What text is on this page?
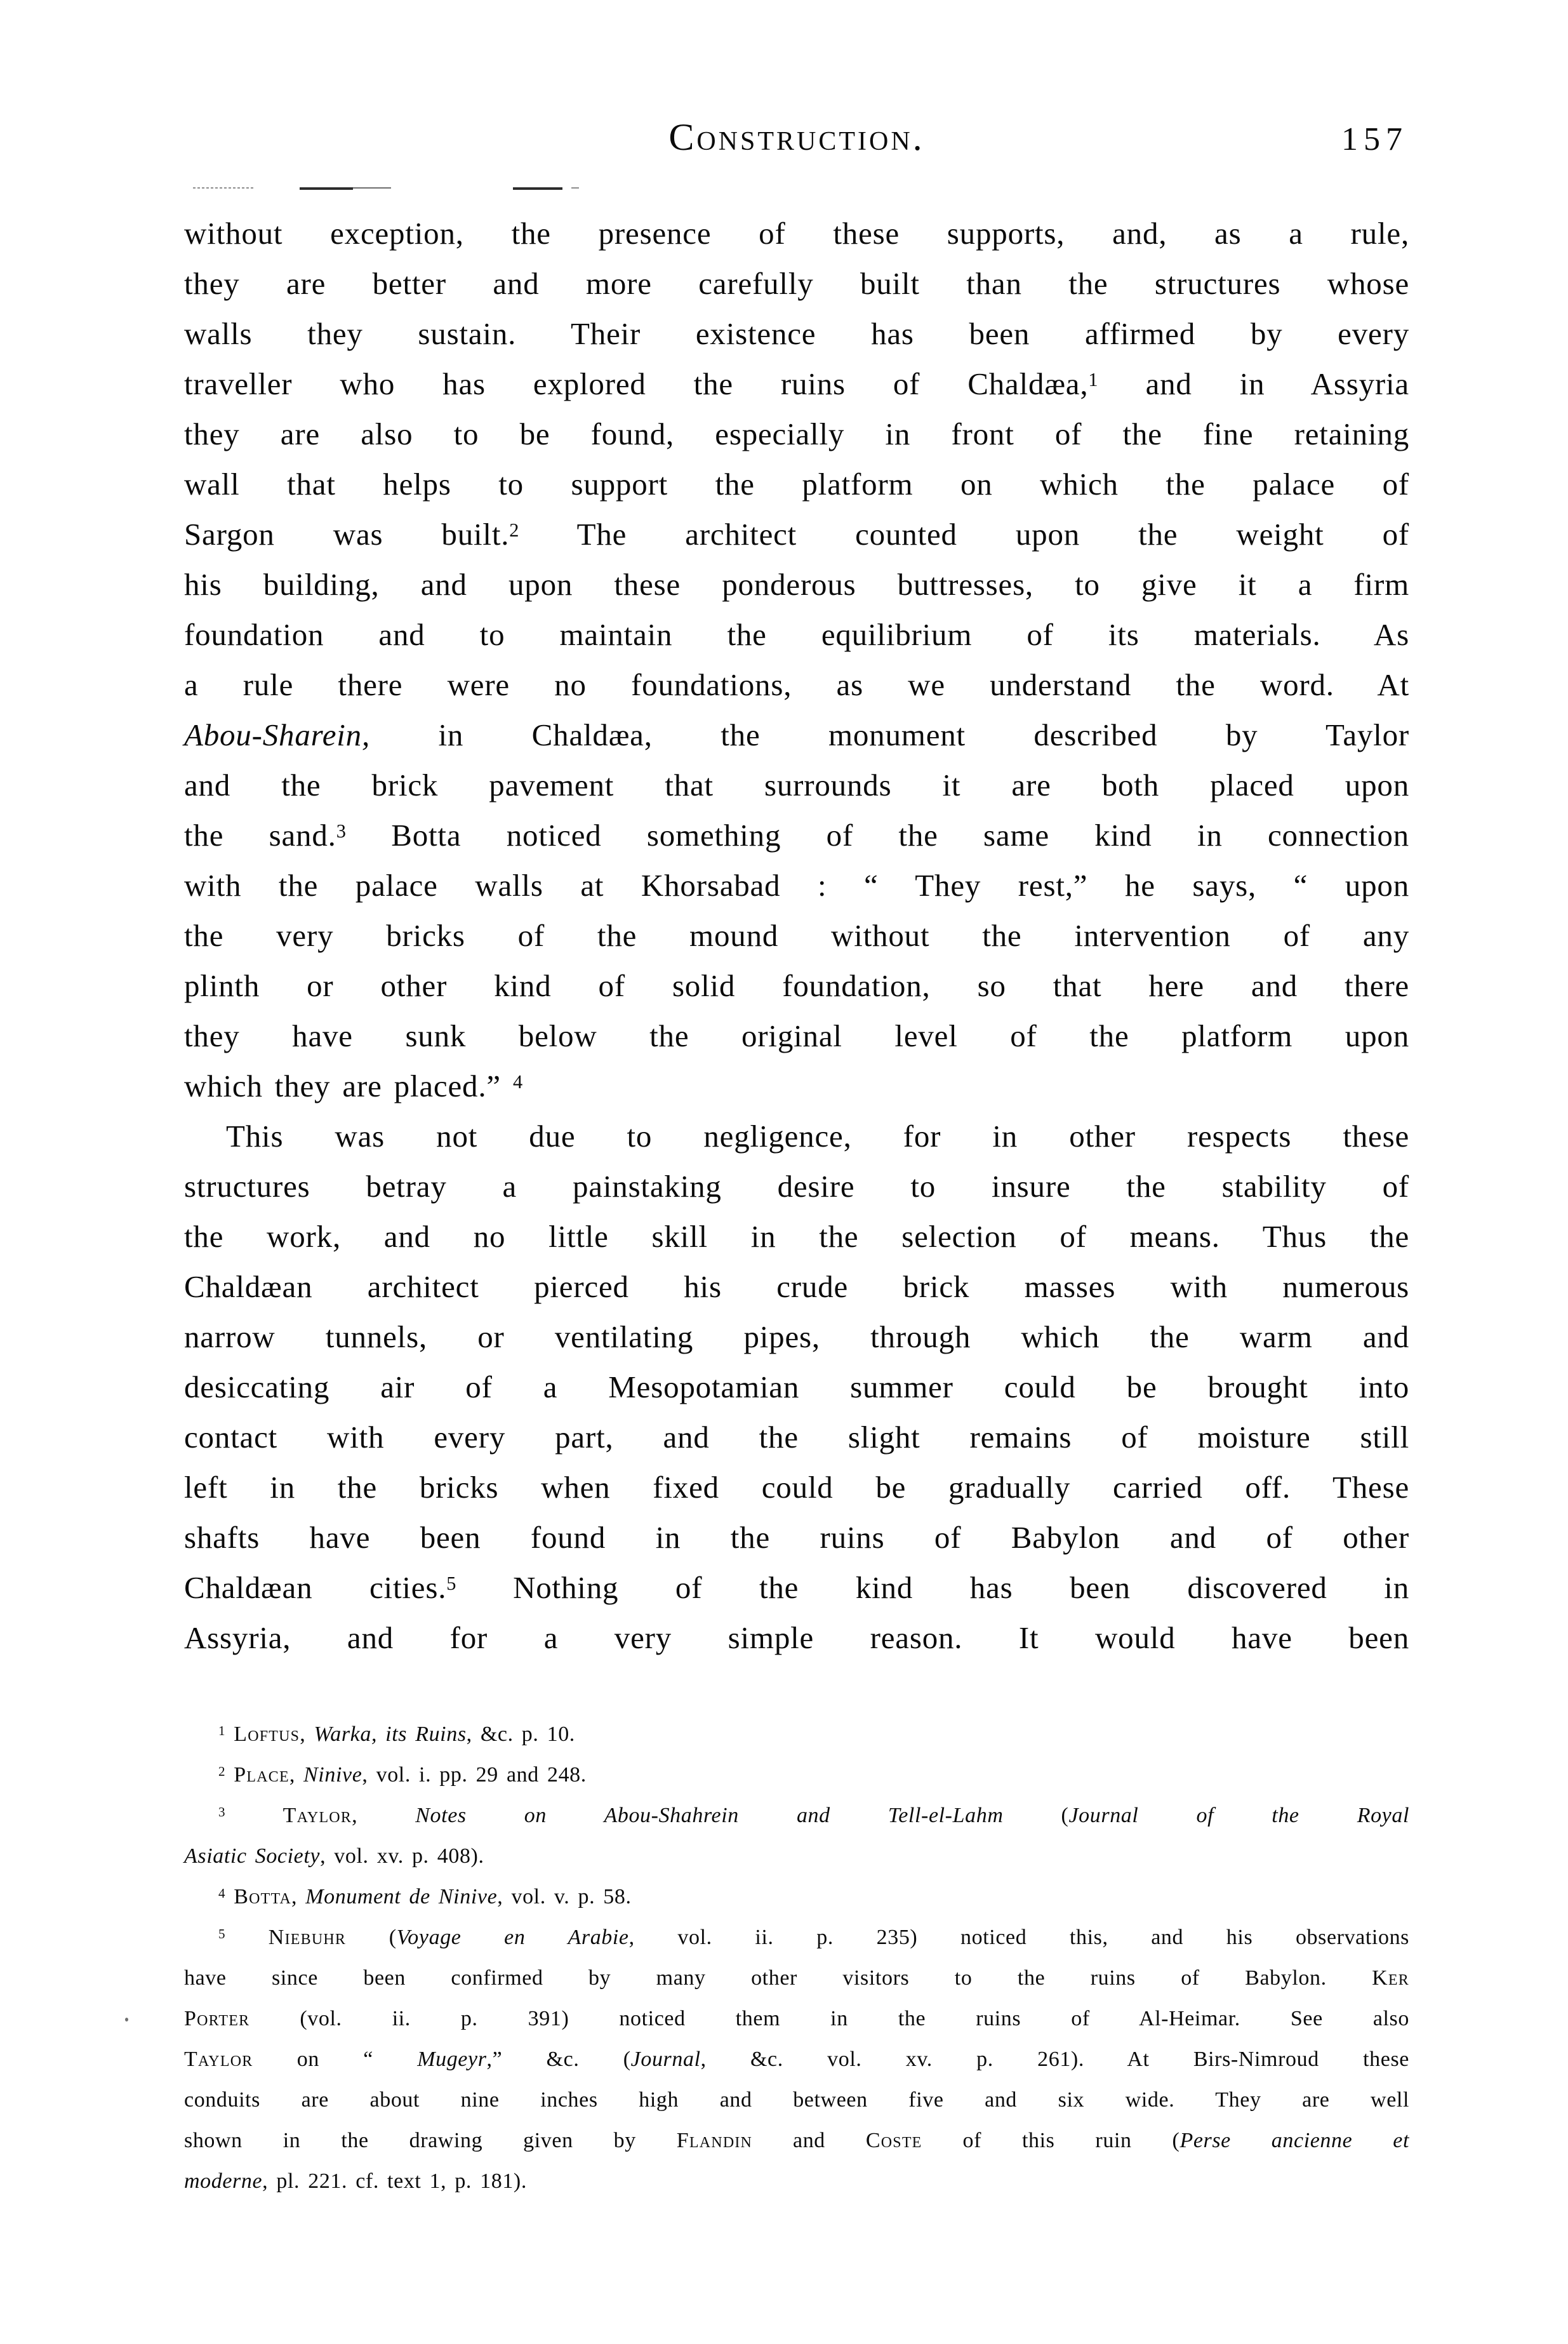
Construction.	157
without exception, the presence of these supports, and, as a rule,
they are better and more carefully built than the structures whose
walls they sustain. Their existence has been affirmed by every
traveller who has explored the ruins of Chaldæa,$^1$ and in Assyria
they are also to be found, especially in front of the fine retaining
wall that helps to support the platform on which the palace of
Sargon was built.$^2$ The architect counted upon the weight of
his building, and upon these ponderous buttresses, to give it a firm
foundation and to maintain the equilibrium of its materials. As
a rule there were no foundations, as we understand the word. At
Abou-Sharein, in Chaldæa, the monument described by Taylor
and the brick pavement that surrounds it are both placed upon
the sand.$^3$ Botta noticed something of the same kind in connection
with the palace walls at Khorsabad : “ They rest,” he says, “ upon
the very bricks of the mound without the intervention of any
plinth or other kind of solid foundation, so that here and there
they have sunk below the original level of the platform upon
which they are placed.” $^4$
This was not due to negligence, for in other respects these
structures betray a painstaking desire to insure the stability of
the work, and no little skill in the selection of means. Thus the
Chaldæan architect pierced his crude brick masses with numerous
narrow tunnels, or ventilating pipes, through which the warm and
desiccating air of a Mesopotamian summer could be brought into
contact with every part, and the slight remains of moisture still
left in the bricks when fixed could be gradually carried off. These
shafts have been found in the ruins of Babylon and of other
Chaldæan cities.$^5$ Nothing of the kind has been discovered in
Assyria, and for a very simple reason. It would have been
$^1$ Loftus, Warka, its Ruins, &c. p. 10.
$^2$ Place, Ninive, vol. i. pp. 29 and 248.
$^3$ Taylor, Notes on Abou-Shahrein and Tell-el-Lahm (Journal of the Royal
Asiatic Society, vol. xv. p. 408).
$^4$ Botta, Monument de Ninive, vol. v. p. 58.
$^5$ Niebuhr (Voyage en Arabie, vol. ii. p. 235) noticed this, and his observations
have since been confirmed by many other visitors to the ruins of Babylon. Ker
Porter (vol. ii. p. 391) noticed them in the ruins of Al-Heimar. See also
Taylor on “ Mugeyr,” &c. (Journal, &c. vol. xv. p. 261). At Birs-Nimroud these
conduits are about nine inches high and between five and six wide. They are well
shown in the drawing given by Flandin and Coste of this ruin (Perse ancienne et
moderne, pl. 221. cf. text 1, p. 181).
